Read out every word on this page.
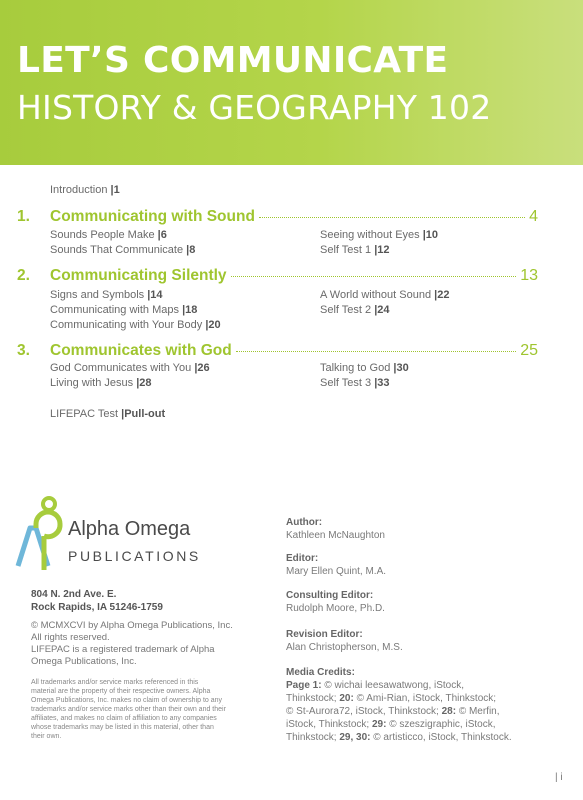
LET’S COMMUNICATE
HISTORY & GEOGRAPHY 102
Introduction |1
1. Communicating with Sound	4
Sounds People Make |6
Sounds That Communicate |8
Seeing without Eyes |10
Self Test 1 |12
2. Communicating Silently	13
Signs and Symbols |14
Communicating with Maps |18
Communicating with Your Body |20
A World without Sound |22
Self Test 2 |24
3. Communicates with God	25
God Communicates with You |26
Living with Jesus |28
Talking to God |30
Self Test 3 |33
LIFEPAC Test |Pull-out
Alpha Omega
PUBLICATIONS
804 N. 2nd Ave. E.
Rock Rapids, IA 51246-1759
© MCMXCVI by Alpha Omega Publications, Inc.
All rights reserved.
LIFEPAC is a registered trademark of Alpha
Omega Publications, Inc.
All trademarks and/or service marks referenced in this
material are the property of their respective owners. Alpha
Omega Publications, Inc. makes no claim of ownership to any
trademarks and/or service marks other than their own and their
affiliates, and makes no claim of affiliation to any companies
whose trademarks may be listed in this material, other than
their own.
Author:
Kathleen McNaughton
Editor:
Mary Ellen Quint, M.A.
Consulting Editor:
Rudolph Moore, Ph.D.
Revision Editor:
Alan Christopherson, M.S.
Media Credits:
Page 1: © wichai leesawatwong, iStock,
Thinkstock; 20: © Ami-Rian, iStock, Thinkstock;
© St-Aurora72, iStock, Thinkstock; 28: © Merfin,
iStock, Thinkstock; 29: © szeszigraphic, iStock,
Thinkstock; 29, 30: © artisticco, iStock, Thinkstock.
| i
